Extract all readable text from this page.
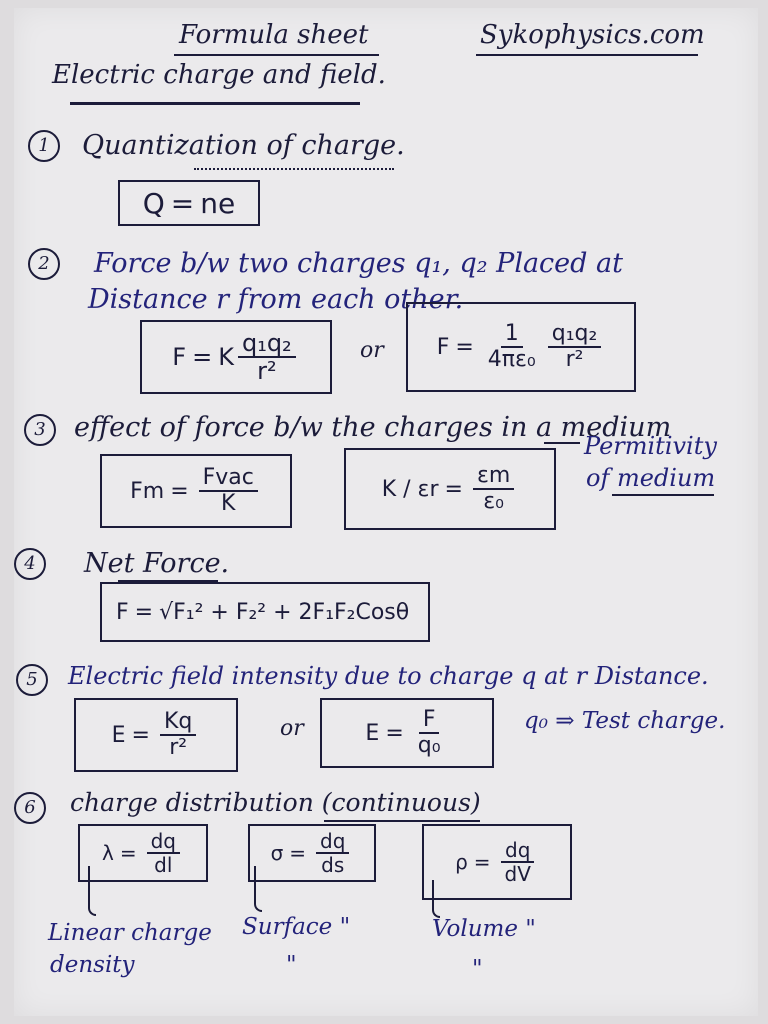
Formula sheet	Sykophysics.com
Electric charge and field.
1	Quantization of charge.
Q = ne
2	Force b/w two charges q₁, q₂ Placed at
Distance r from each other.
F = K $\frac{\text{q₁q₂}}{\text{r²}}$	or $F = \frac{1}{\text{4πε₀}} \frac{\text{q₁q₂}}{\text{r²}}$
3	effect of force b/w the charges in a medium
$Fm = \frac{\text{Fvac}}{K}$	$K / \varepsilon r = \frac{\varepsilon m}{\text{ε₀}}$
Permitivity
of medium
4	Net Force.
F = √F₁² + F₂² + 2F₁F₂Cosθ
5	Electric field intensity due to charge q at r Distance.
$E = \frac{Kq}{\text{r²}}$	or	$E = \frac{F}{\text{q₀}}$	q₀ ⇒ Test charge.
6	charge distribution (continuous)
$\lambda = \frac{dq}{dl}$	$\sigma = \frac{dq}{ds}$	$\rho = \frac{dq}{dV}$
Linear charge
density
Surface "
"
Volume "
"
